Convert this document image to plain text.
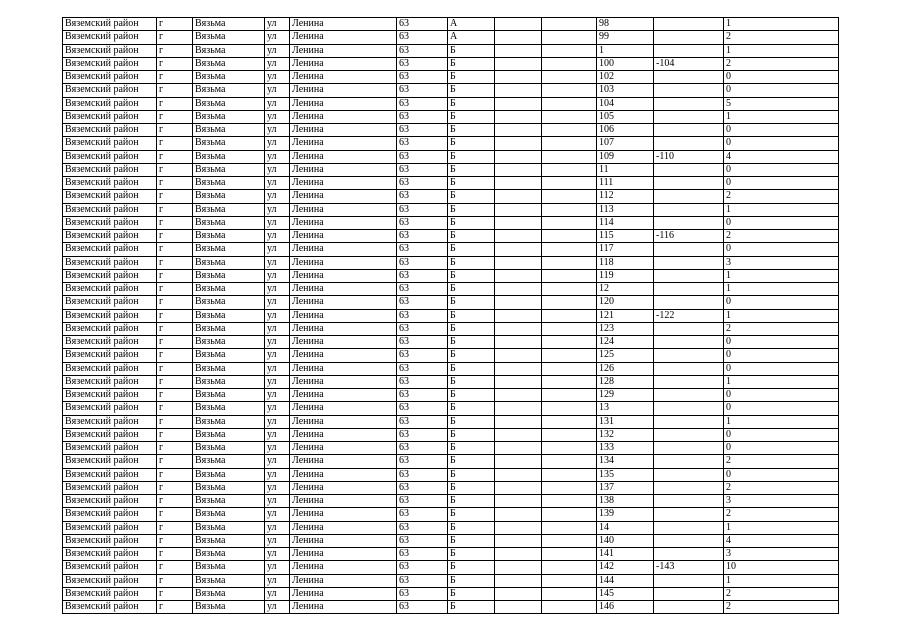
Вяземский район	г	Вязьма	ул	Ленина	63	А			98		1
Вяземский район	г	Вязьма	ул	Ленина	63	А			99		2
Вяземский район	г	Вязьма	ул	Ленина	63	Б			1		1
Вяземский район	г	Вязьма	ул	Ленина	63	Б			100	-104	2
Вяземский район	г	Вязьма	ул	Ленина	63	Б			102		0
Вяземский район	г	Вязьма	ул	Ленина	63	Б			103		0
Вяземский район	г	Вязьма	ул	Ленина	63	Б			104		5
Вяземский район	г	Вязьма	ул	Ленина	63	Б			105		1
Вяземский район	г	Вязьма	ул	Ленина	63	Б			106		0
Вяземский район	г	Вязьма	ул	Ленина	63	Б			107		0
Вяземский район	г	Вязьма	ул	Ленина	63	Б			109	-110	4
Вяземский район	г	Вязьма	ул	Ленина	63	Б			11		0
Вяземский район	г	Вязьма	ул	Ленина	63	Б			111		0
Вяземский район	г	Вязьма	ул	Ленина	63	Б			112		2
Вяземский район	г	Вязьма	ул	Ленина	63	Б			113		1
Вяземский район	г	Вязьма	ул	Ленина	63	Б			114		0
Вяземский район	г	Вязьма	ул	Ленина	63	Б			115	-116	2
Вяземский район	г	Вязьма	ул	Ленина	63	Б			117		0
Вяземский район	г	Вязьма	ул	Ленина	63	Б			118		3
Вяземский район	г	Вязьма	ул	Ленина	63	Б			119		1
Вяземский район	г	Вязьма	ул	Ленина	63	Б			12		1
Вяземский район	г	Вязьма	ул	Ленина	63	Б			120		0
Вяземский район	г	Вязьма	ул	Ленина	63	Б			121	-122	1
Вяземский район	г	Вязьма	ул	Ленина	63	Б			123		2
Вяземский район	г	Вязьма	ул	Ленина	63	Б			124		0
Вяземский район	г	Вязьма	ул	Ленина	63	Б			125		0
Вяземский район	г	Вязьма	ул	Ленина	63	Б			126		0
Вяземский район	г	Вязьма	ул	Ленина	63	Б			128		1
Вяземский район	г	Вязьма	ул	Ленина	63	Б			129		0
Вяземский район	г	Вязьма	ул	Ленина	63	Б			13		0
Вяземский район	г	Вязьма	ул	Ленина	63	Б			131		1
Вяземский район	г	Вязьма	ул	Ленина	63	Б			132		0
Вяземский район	г	Вязьма	ул	Ленина	63	Б			133		0
Вяземский район	г	Вязьма	ул	Ленина	63	Б			134		2
Вяземский район	г	Вязьма	ул	Ленина	63	Б			135		0
Вяземский район	г	Вязьма	ул	Ленина	63	Б			137		2
Вяземский район	г	Вязьма	ул	Ленина	63	Б			138		3
Вяземский район	г	Вязьма	ул	Ленина	63	Б			139		2
Вяземский район	г	Вязьма	ул	Ленина	63	Б			14		1
Вяземский район	г	Вязьма	ул	Ленина	63	Б			140		4
Вяземский район	г	Вязьма	ул	Ленина	63	Б			141		3
Вяземский район	г	Вязьма	ул	Ленина	63	Б			142	-143	10
Вяземский район	г	Вязьма	ул	Ленина	63	Б			144		1
Вяземский район	г	Вязьма	ул	Ленина	63	Б			145		2
Вяземский район	г	Вязьма	ул	Ленина	63	Б			146		2
